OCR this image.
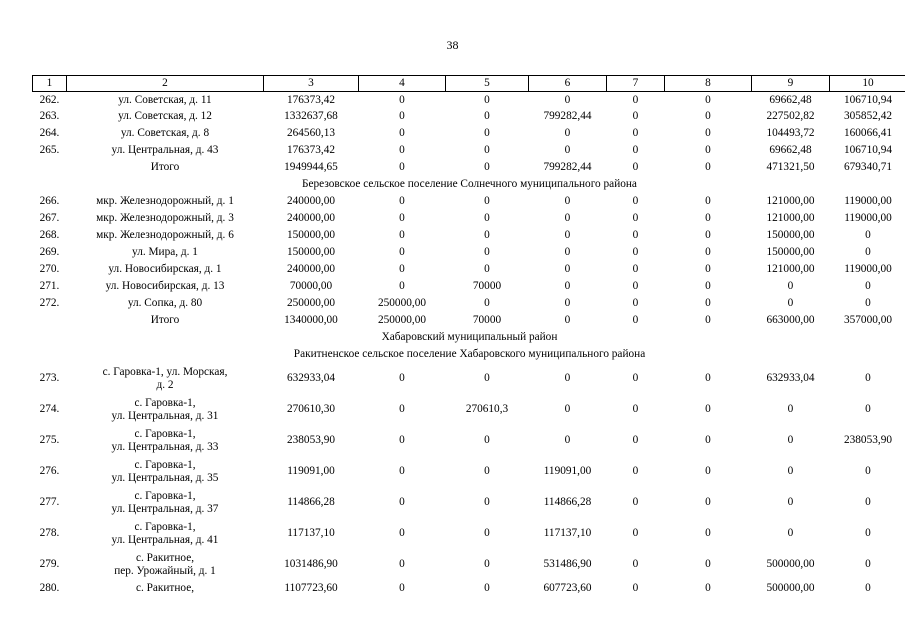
38
1	2	3	4	5	6	7	8	9	10
262.	ул. Советская, д. 11	176373,42	0	0	0	0	0	69662,48	106710,94
263.	ул. Советская, д. 12	1332637,68	0	0	799282,44	0	0	227502,82	305852,42
264.	ул. Советская, д. 8	264560,13	0	0	0	0	0	104493,72	160066,41
265.	ул. Центральная, д. 43	176373,42	0	0	0	0	0	69662,48	106710,94

	Итого	1949944,65	0	0	799282,44	0	0	471321,50	679340,71
Березовское сельское поселение Солнечного муниципального района									
266.	мкр. Железнодорожный, д. 1	240000,00	0	0	0	0	0	121000,00	119000,00
267.	мкр. Железнодорожный, д. 3	240000,00	0	0	0	0	0	121000,00	119000,00
268.	мкр. Железнодорожный, д. 6	150000,00	0	0	0	0	0	150000,00	0
269.	ул. Мира, д. 1	150000,00	0	0	0	0	0	150000,00	0
270.	ул. Новосибирская, д. 1	240000,00	0	0	0	0	0	121000,00	119000,00
271.	ул. Новосибирская, д. 13	70000,00	0	70000	0	0	0	0	0
272.	ул. Сопка, д. 80	250000,00	250000,00	0	0	0	0	0	0

	Итого	1340000,00	250000,00	70000	0	0	0	663000,00	357000,00
Хабаровский муниципальный район									
Ракитненское сельское поселение Хабаровского муниципального района									
273.	с. Гаровка-1, ул. Морская,
д. 2	632933,04	0	0	0	0	0	632933,04	0
274.	с. Гаровка-1,
ул. Центральная, д. 31	270610,30	0	270610,3	0	0	0	0	0
275.	с. Гаровка-1,
ул. Центральная, д. 33	238053,90	0	0	0	0	0	0	238053,90
276.	с. Гаровка-1,
ул. Центральная, д. 35	119091,00	0	0	119091,00	0	0	0	0
277.	с. Гаровка-1,
ул. Центральная, д. 37	114866,28	0	0	114866,28	0	0	0	0
278.	с. Гаровка-1,
ул. Центральная, д. 41	117137,10	0	0	117137,10	0	0	0	0
279.	с. Ракитное,
пер. Урожайный, д. 1	1031486,90	0	0	531486,90	0	0	500000,00	0
280.	с. Ракитное,	1107723,60	0	0	607723,60	0	0	500000,00	0
